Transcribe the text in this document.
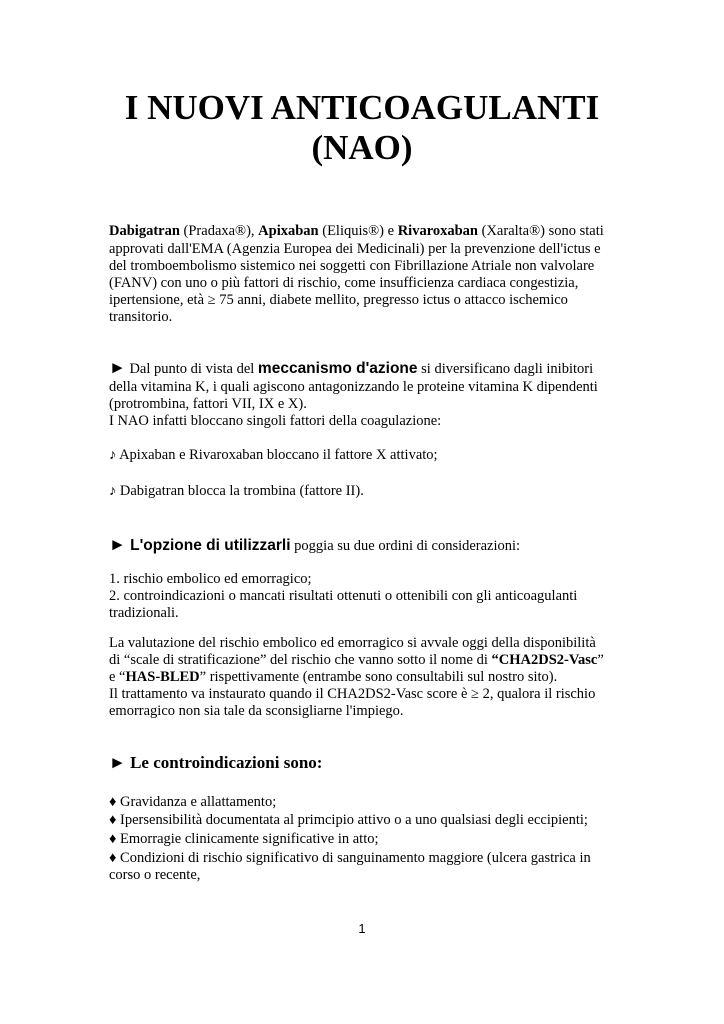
I NUOVI ANTICOAGULANTI
(NAO)
Dabigatran (Pradaxa®), Apixaban (Eliquis®) e Rivaroxaban (Xaralta®) sono stati
approvati dall'EMA (Agenzia Europea dei Medicinali) per la prevenzione dell'ictus e
del tromboembolismo sistemico nei soggetti con Fibrillazione Atriale non valvolare
(FANV) con uno o più fattori di rischio, come insufficienza cardiaca congestizia,
ipertensione, età ≥ 75 anni, diabete mellito, pregresso ictus o attacco ischemico
transitorio.
► Dal punto di vista del meccanismo d'azione si diversificano dagli inibitori
della vitamina K, i quali agiscono antagonizzando le proteine vitamina K dipendenti
(protrombina, fattori VII, IX e X).
I NAO infatti bloccano singoli fattori della coagulazione:
♪ Apixaban e Rivaroxaban bloccano il fattore X attivato;
♪ Dabigatran blocca la trombina (fattore II).
► L'opzione di utilizzarli poggia su due ordini di considerazioni:
1. rischio embolico ed emorragico;
2. controindicazioni o mancati risultati ottenuti o ottenibili con gli anticoagulanti
tradizionali.
La valutazione del rischio embolico ed emorragico si avvale oggi della disponibilità
di “scale di stratificazione” del rischio che vanno sotto il nome di “CHA2DS2-Vasc”
e “HAS-BLED” rispettivamente (entrambe sono consultabili sul nostro sito).
Il trattamento va instaurato quando il CHA2DS2-Vasc score è ≥ 2, qualora il rischio
emorragico non sia tale da sconsigliarne l'impiego.
► Le controindicazioni sono:
♦ Gravidanza e allattamento;
♦ Ipersensibilità documentata al primcipio attivo o a uno qualsiasi degli eccipienti;
♦ Emorragie clinicamente significative in atto;
♦ Condizioni di rischio significativo di sanguinamento maggiore (ulcera gastrica in
corso o recente,
1
